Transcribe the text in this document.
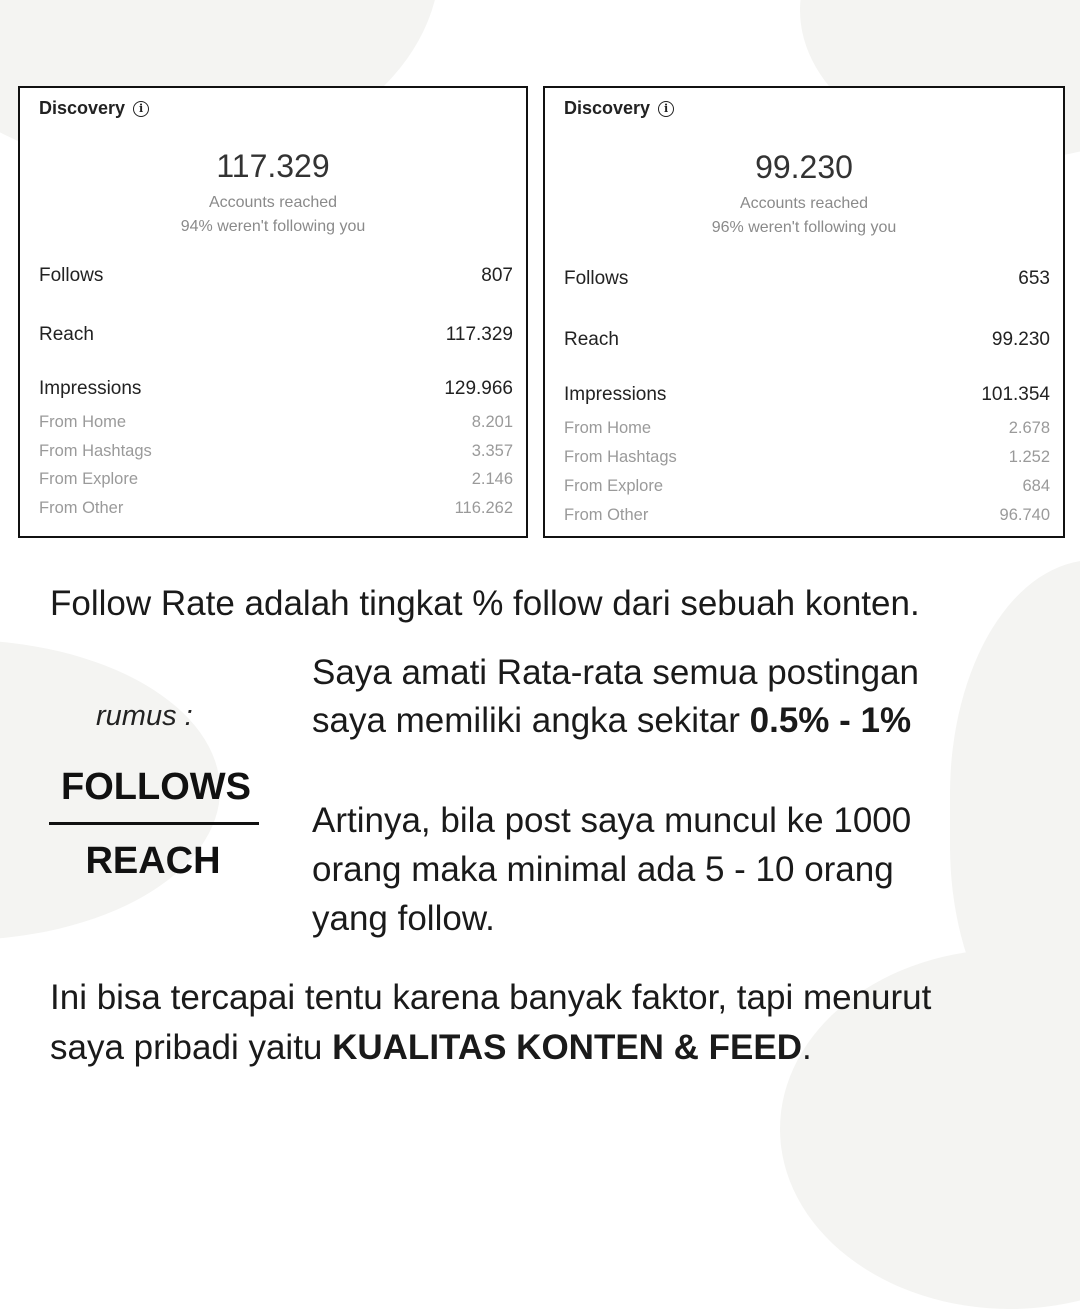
Discovery	i
117.329
Accounts reached
94% weren't following you
Follows	807
Reach	117.329
Impressions	129.966
From Home	8.201
From Hashtags	3.357
From Explore	2.146
From Other	116.262
Discovery	i
99.230
Accounts reached
96% weren't following you
Follows	653
Reach	99.230
Impressions	101.354
From Home	2.678
From Hashtags	1.252
From Explore	684
From Other	96.740
Follow Rate adalah tingkat % follow dari sebuah konten.
rumus :
FOLLOWS
REACH
Saya amati Rata-rata semua postingan
saya memiliki angka sekitar 0.5% - 1%
Artinya, bila post saya muncul ke 1000
orang maka minimal ada 5 - 10 orang
yang follow.
Ini bisa tercapai tentu karena banyak faktor, tapi menurut
saya pribadi yaitu KUALITAS KONTEN & FEED.
